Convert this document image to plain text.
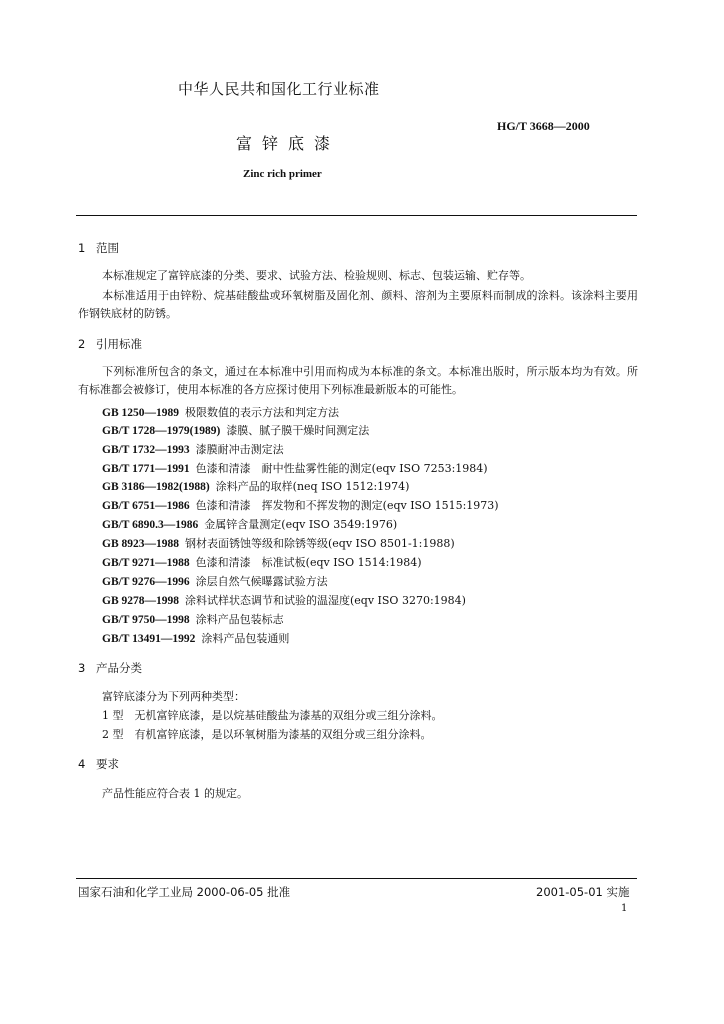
中华人民共和国化工行业标准
HG/T 3668—2000
富锌底漆
Zinc rich primer
1 范围
本标准规定了富锌底漆的分类、要求、试验方法、检验规则、标志、包装运输、贮存等。
本标准适用于由锌粉、烷基硅酸盐或环氧树脂及固化剂、颜料、溶剂为主要原料而制成的涂料。该涂料主要用作钢铁底材的防锈。
2 引用标准
下列标准所包含的条文，通过在本标准中引用而构成为本标准的条文。本标准出版时，所示版本均为有效。所有标准都会被修订，使用本标准的各方应探讨使用下列标准最新版本的可能性。
GB 1250—1989 极限数值的表示方法和判定方法
GB/T 1728—1979(1989) 漆膜、腻子膜干燥时间测定法
GB/T 1732—1993 漆膜耐冲击测定法
GB/T 1771—1991 色漆和清漆　耐中性盐雾性能的测定(eqv ISO 7253:1984)
GB 3186—1982(1988) 涂料产品的取样(neq ISO 1512:1974)
GB/T 6751—1986 色漆和清漆　挥发物和不挥发物的测定(eqv ISO 1515:1973)
GB/T 6890.3—1986 金属锌含量测定(eqv ISO 3549:1976)
GB 8923—1988 钢材表面锈蚀等级和除锈等级(eqv ISO 8501-1:1988)
GB/T 9271—1988 色漆和清漆　标准试板(eqv ISO 1514:1984)
GB/T 9276—1996 涂层自然气候曝露试验方法
GB 9278—1998 涂料试样状态调节和试验的温湿度(eqv ISO 3270:1984)
GB/T 9750—1998 涂料产品包装标志
GB/T 13491—1992 涂料产品包装通则
3 产品分类
富锌底漆分为下列两种类型：
1 型　无机富锌底漆，是以烷基硅酸盐为漆基的双组分或三组分涂料。
2 型　有机富锌底漆，是以环氧树脂为漆基的双组分或三组分涂料。
4 要求
产品性能应符合表 1 的规定。
国家石油和化学工业局 2000-06-05 批准	2001-05-01 实施
1
